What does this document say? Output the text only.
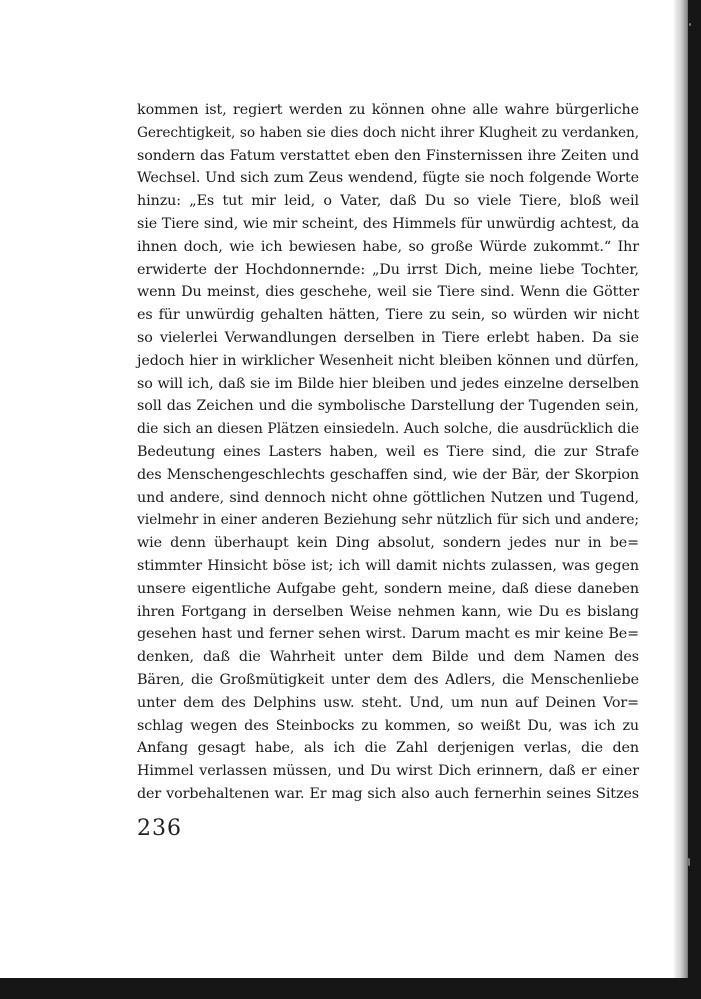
kommen ist, regiert werden zu können ohne alle wahre bürgerliche
Gerechtigkeit, so haben sie dies doch nicht ihrer Klugheit zu verdanken,
sondern das Fatum verstattet eben den Finsternissen ihre Zeiten und
Wechsel. Und sich zum Zeus wendend, fügte sie noch folgende Worte
hinzu: „Es tut mir leid, o Vater, daß Du so viele Tiere, bloß weil
sie Tiere sind, wie mir scheint, des Himmels für unwürdig achtest, da
ihnen doch, wie ich bewiesen habe, so große Würde zukommt.“ Ihr
erwiderte der Hochdonnernde: „Du irrst Dich, meine liebe Tochter,
wenn Du meinst, dies geschehe, weil sie Tiere sind. Wenn die Götter
es für unwürdig gehalten hätten, Tiere zu sein, so würden wir nicht
so vielerlei Verwandlungen derselben in Tiere erlebt haben. Da sie
jedoch hier in wirklicher Wesenheit nicht bleiben können und dürfen,
so will ich, daß sie im Bilde hier bleiben und jedes einzelne derselben
soll das Zeichen und die symbolische Darstellung der Tugenden sein,
die sich an diesen Plätzen einsiedeln. Auch solche, die ausdrücklich die
Bedeutung eines Lasters haben, weil es Tiere sind, die zur Strafe
des Menschengeschlechts geschaffen sind, wie der Bär, der Skorpion
und andere, sind dennoch nicht ohne göttlichen Nutzen und Tugend,
vielmehr in einer anderen Beziehung sehr nützlich für sich und andere;
wie denn überhaupt kein Ding absolut, sondern jedes nur in be=
stimmter Hinsicht böse ist; ich will damit nichts zulassen, was gegen
unsere eigentliche Aufgabe geht, sondern meine, daß diese daneben
ihren Fortgang in derselben Weise nehmen kann, wie Du es bislang
gesehen hast und ferner sehen wirst. Darum macht es mir keine Be=
denken, daß die Wahrheit unter dem Bilde und dem Namen des
Bären, die Großmütigkeit unter dem des Adlers, die Menschenliebe
unter dem des Delphins usw. steht. Und, um nun auf Deinen Vor=
schlag wegen des Steinbocks zu kommen, so weißt Du, was ich zu
Anfang gesagt habe, als ich die Zahl derjenigen verlas, die den
Himmel verlassen müssen, und Du wirst Dich erinnern, daß er einer
der vorbehaltenen war. Er mag sich also auch fernerhin seines Sitzes
236
